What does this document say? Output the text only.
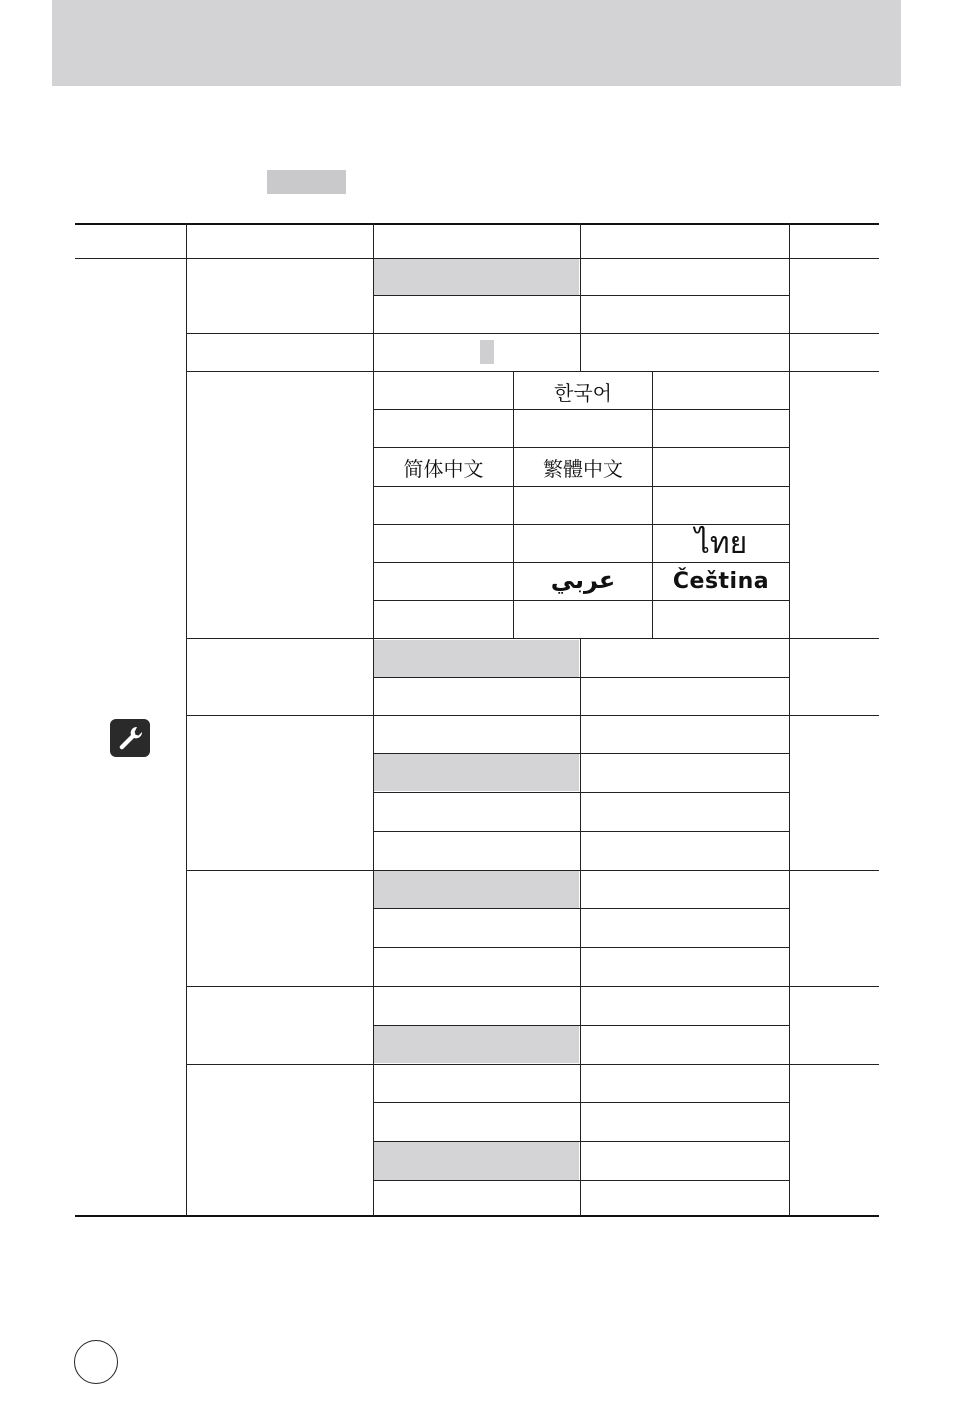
한국어
简体中文	繁體中文
ไทย
عربي	Čeština
